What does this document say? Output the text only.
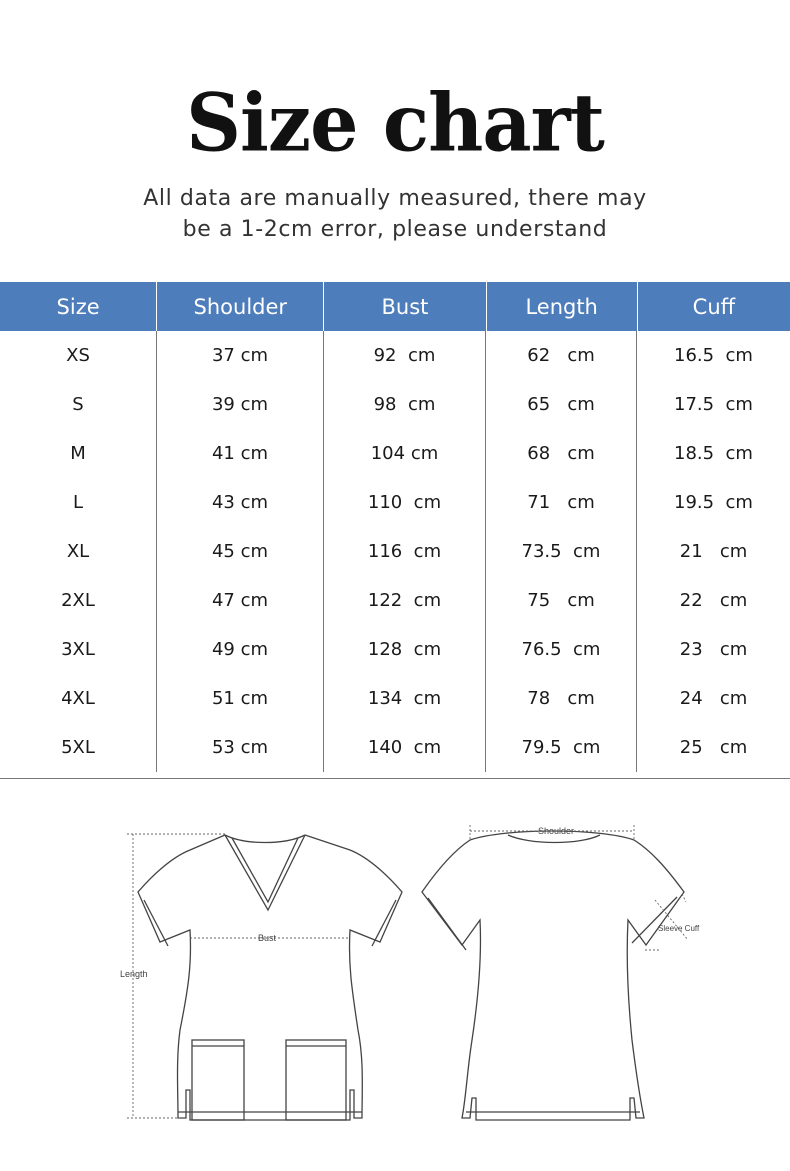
Size chart
All data are manually measured, there may
be a 1-2cm error, please understand
Size	Shoulder	Bust	Length	Cuff
XS	37 cm	92  cm	62   cm	16.5  cm
S	39 cm	98  cm	65   cm	17.5  cm
M	41 cm	104 cm	68   cm	18.5  cm
L	43 cm	110  cm	71   cm	19.5  cm
XL	45 cm	116  cm	73.5  cm	21   cm
2XL	47 cm	122  cm	75   cm	22   cm
3XL	49 cm	128  cm	76.5  cm	23   cm
4XL	51 cm	134  cm	78   cm	24   cm
5XL	53 cm	140  cm	79.5  cm	25   cm
Bust
Length
Shoulder
Sleeve Cuff
